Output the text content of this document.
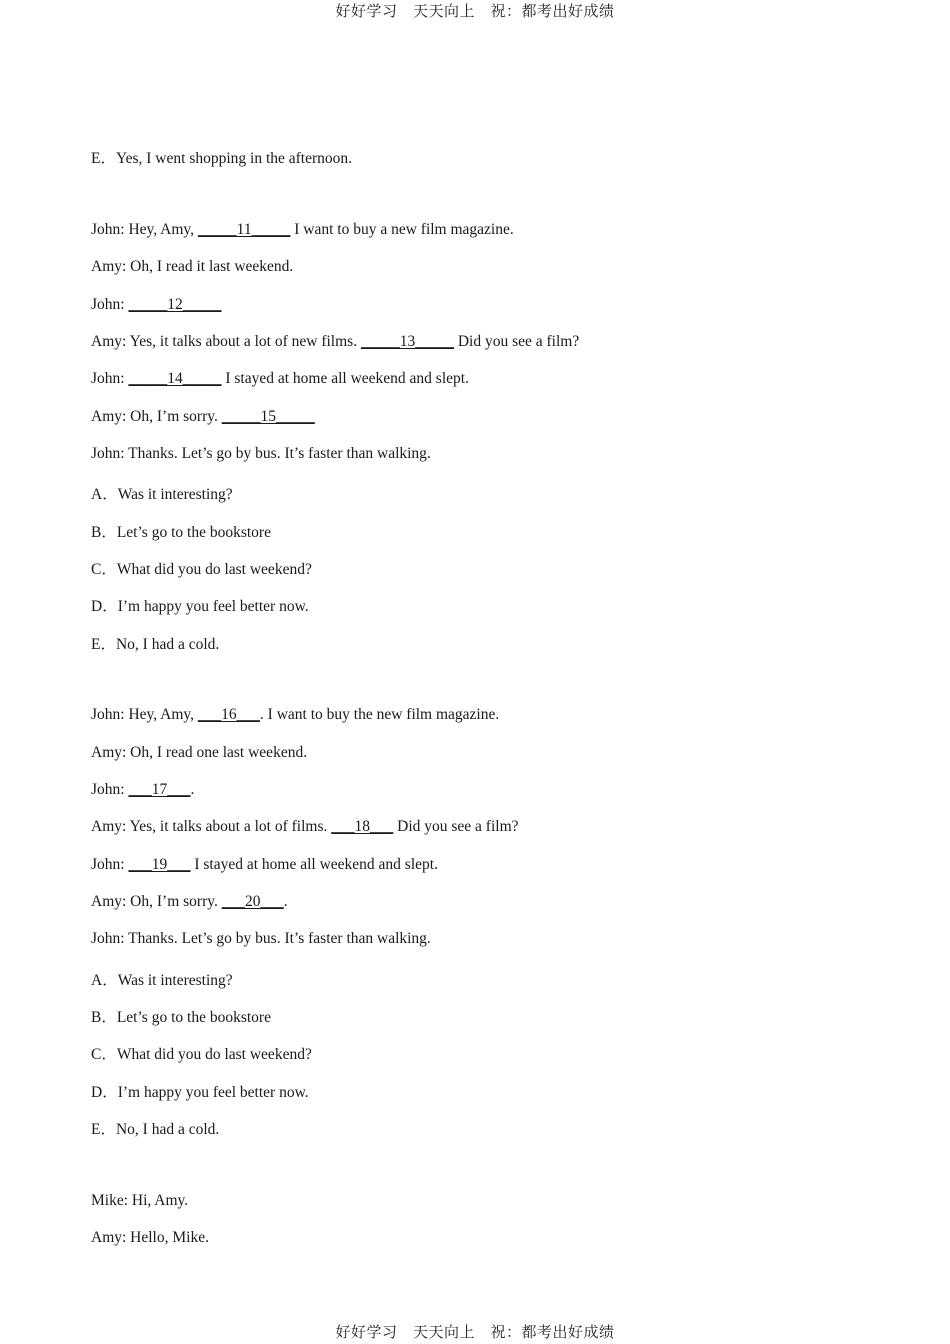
好好学习　天天向上　祝：都考出好成绩
E．Yes, I went shopping in the afternoon.
John: Hey, Amy, _____11_____ I want to buy a new film magazine.
Amy: Oh, I read it last weekend.
John: _____12_____
Amy: Yes, it talks about a lot of new films. _____13_____ Did you see a film?
John: _____14_____ I stayed at home all weekend and slept.
Amy: Oh, I’m sorry. _____15_____
John: Thanks. Let’s go by bus. It’s faster than walking.
A．Was it interesting?
B．Let’s go to the bookstore
C．What did you do last weekend?
D．I’m happy you feel better now.
E．No, I had a cold.
John: Hey, Amy, ___16___. I want to buy the new film magazine.
Amy: Oh, I read one last weekend.
John: ___17___.
Amy: Yes, it talks about a lot of films. ___18___ Did you see a film?
John: ___19___ I stayed at home all weekend and slept.
Amy: Oh, I’m sorry. ___20___.
John: Thanks. Let’s go by bus. It’s faster than walking.
A．Was it interesting?
B．Let’s go to the bookstore
C．What did you do last weekend?
D．I’m happy you feel better now.
E．No, I had a cold.
Mike: Hi, Amy.
Amy: Hello, Mike.
好好学习　天天向上　祝：都考出好成绩
